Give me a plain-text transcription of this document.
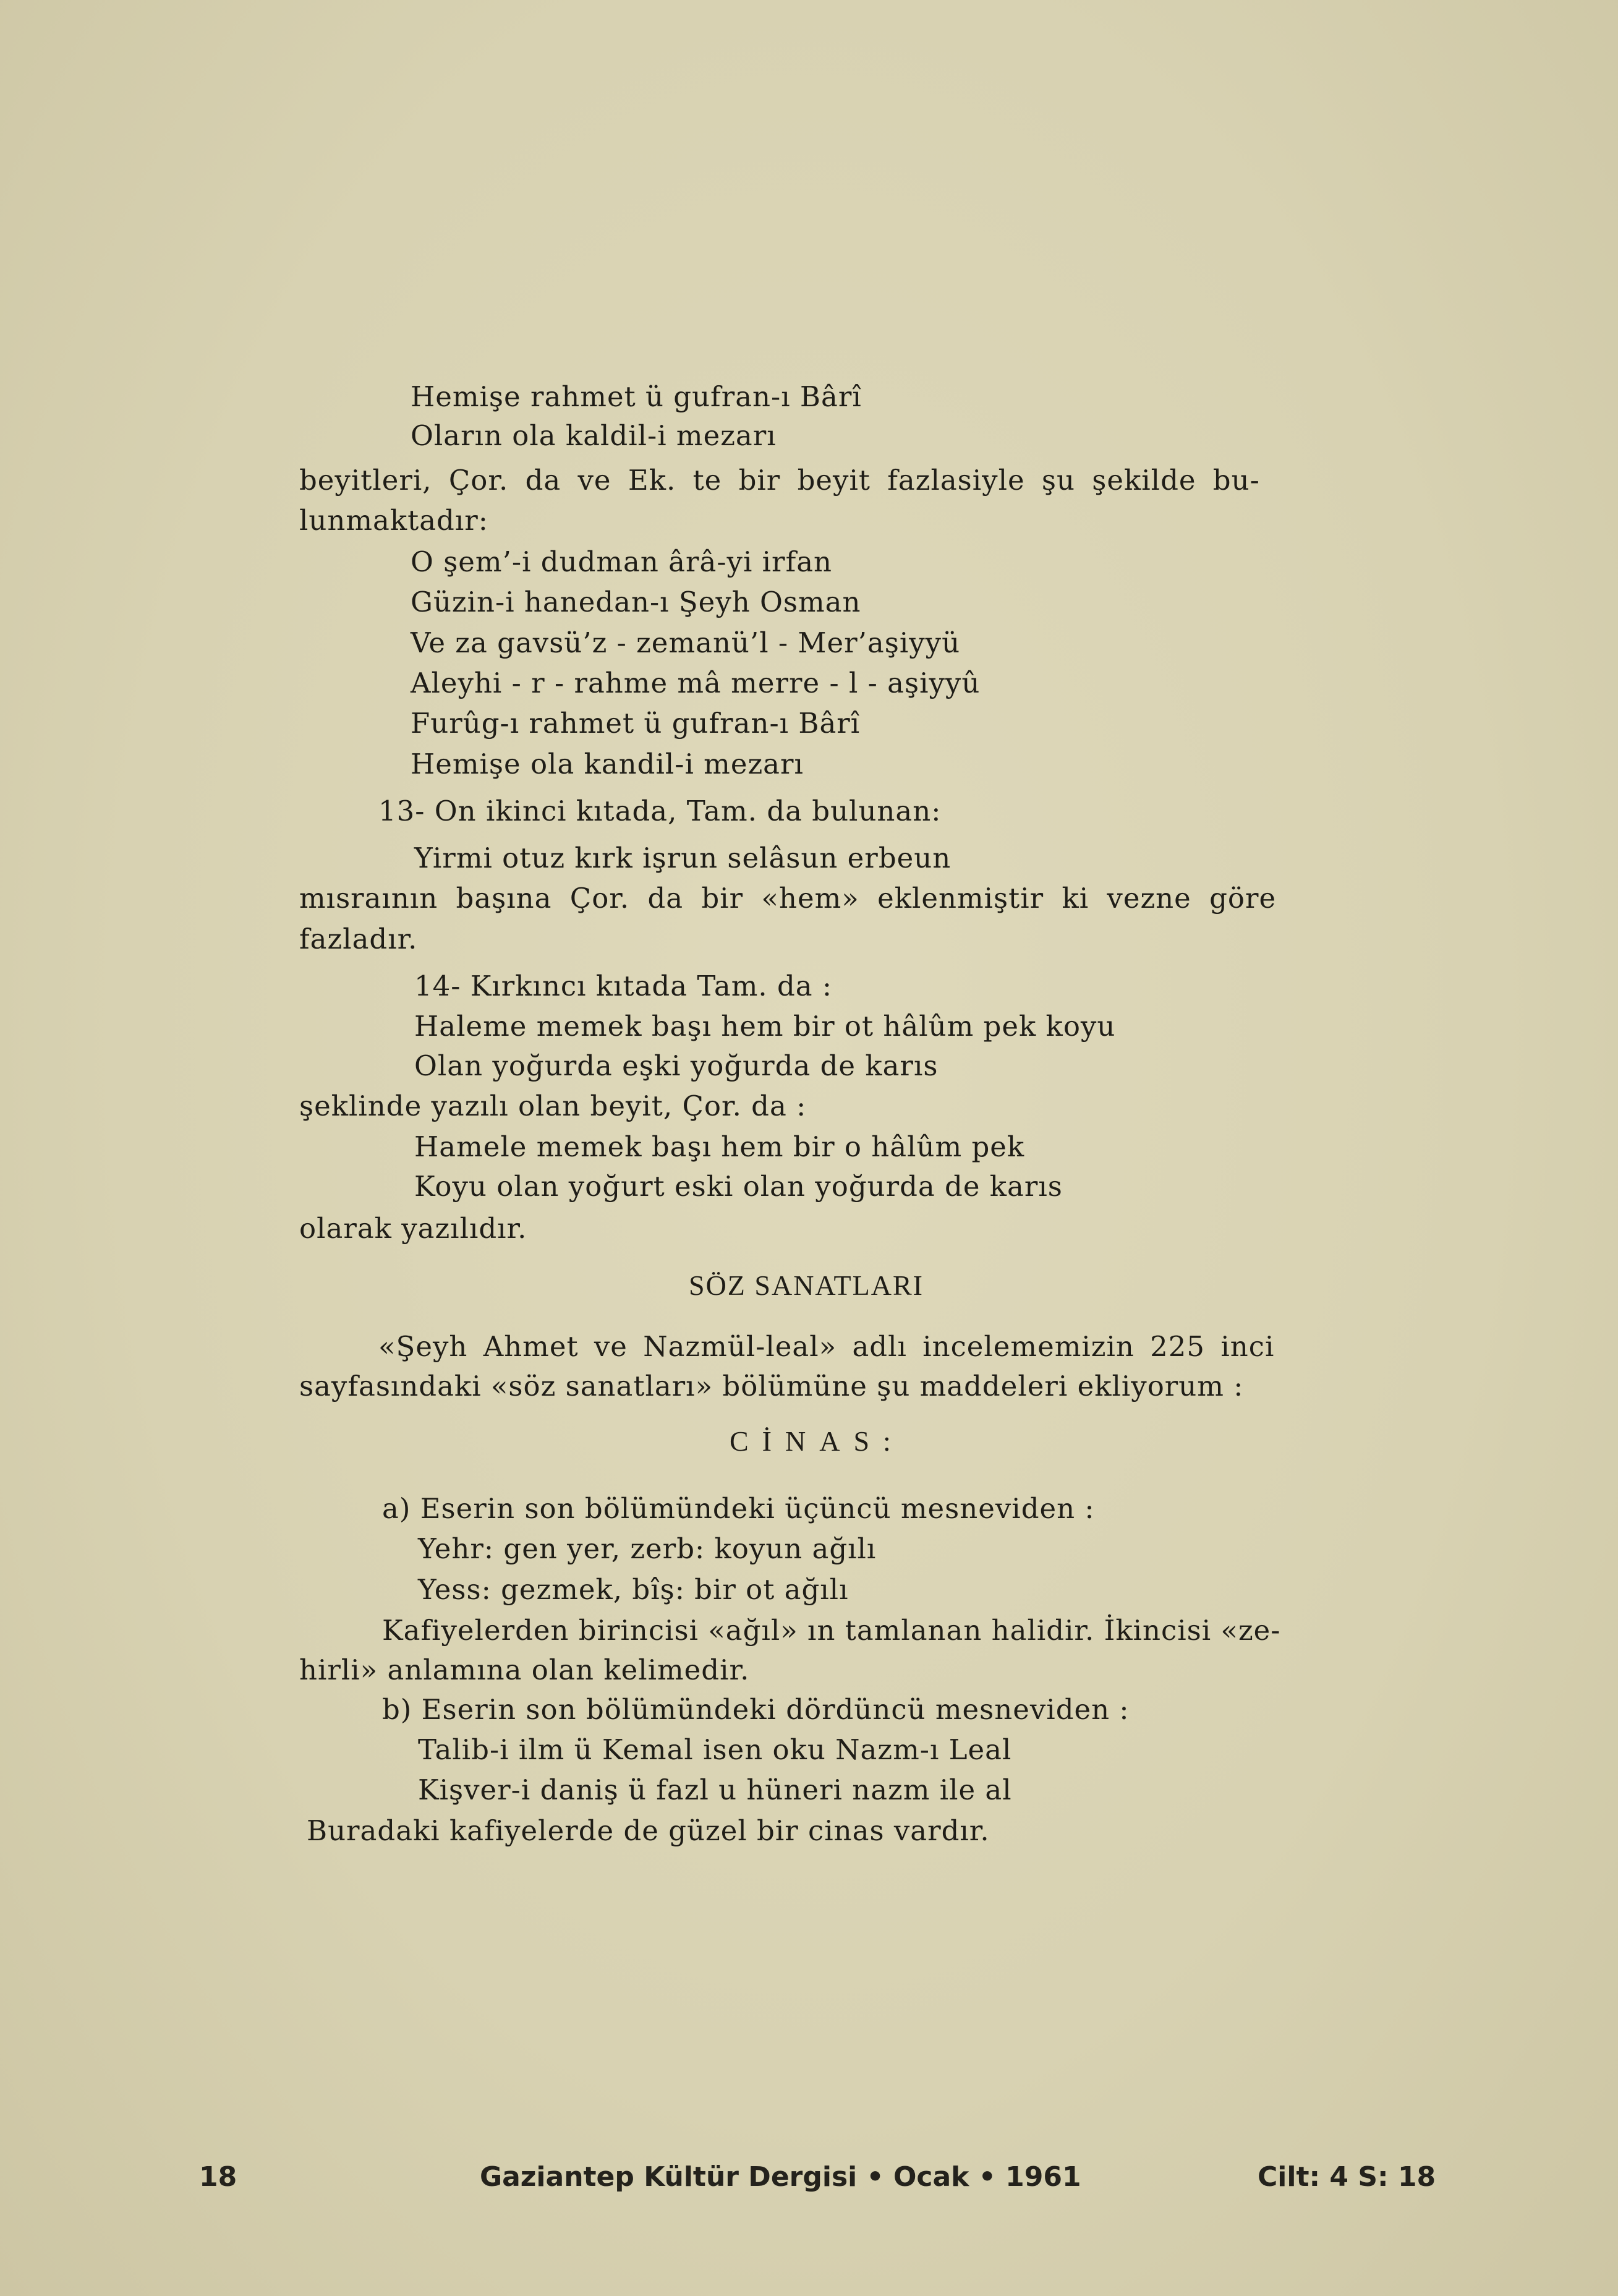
Hemişe rahmet ü gufran-ı Bârî
Oların ola kaldil-i mezarı
beyitleri, Çor. da ve Ek. te bir beyit fazlasiyle şu şekilde bu-
lunmaktadır:
O şem’-i dudman ârâ-yi irfan
Güzin-i hanedan-ı Şeyh Osman
Ve za gavsü’z - zemanü’l - Mer’aşiyyü
Aleyhi - r - rahme mâ merre - l - aşiyyû
Furûg-ı rahmet ü gufran-ı Bârî
Hemişe ola kandil-i mezarı
13- On ikinci kıtada, Tam. da bulunan:
Yirmi otuz kırk işrun selâsun erbeun
mısraının başına Çor. da bir «hem» eklenmiştir ki vezne göre
fazladır.
14- Kırkıncı kıtada Tam. da :
Haleme memek başı hem bir ot hâlûm pek koyu
Olan yoğurda eşki yoğurda de karıs
şeklinde yazılı olan beyit, Çor. da :
Hamele memek başı hem bir o hâlûm pek
Koyu olan yoğurt eski olan yoğurda de karıs
olarak yazılıdır.
SÖZ SANATLARI
«Şeyh Ahmet ve Nazmül-leal» adlı incelememizin 225 inci
sayfasındaki «söz sanatları» bölümüne şu maddeleri ekliyorum :
CİNAS:
a) Eserin son bölümündeki üçüncü mesneviden :
Yehr: gen yer, zerb: koyun ağılı
Yess: gezmek, bîş: bir ot ağılı
Kafiyelerden birincisi «ağıl» ın tamlanan halidir. İkincisi «ze-
hirli» anlamına olan kelimedir.
b) Eserin son bölümündeki dördüncü mesneviden :
Talib-i ilm ü Kemal isen oku Nazm-ı Leal
Kişver-i daniş ü fazl u hüneri nazm ile al
Buradaki kafiyelerde de güzel bir cinas vardır.
18	Gaziantep Kültür Dergisi • Ocak • 1961	Cilt: 4 S: 18
